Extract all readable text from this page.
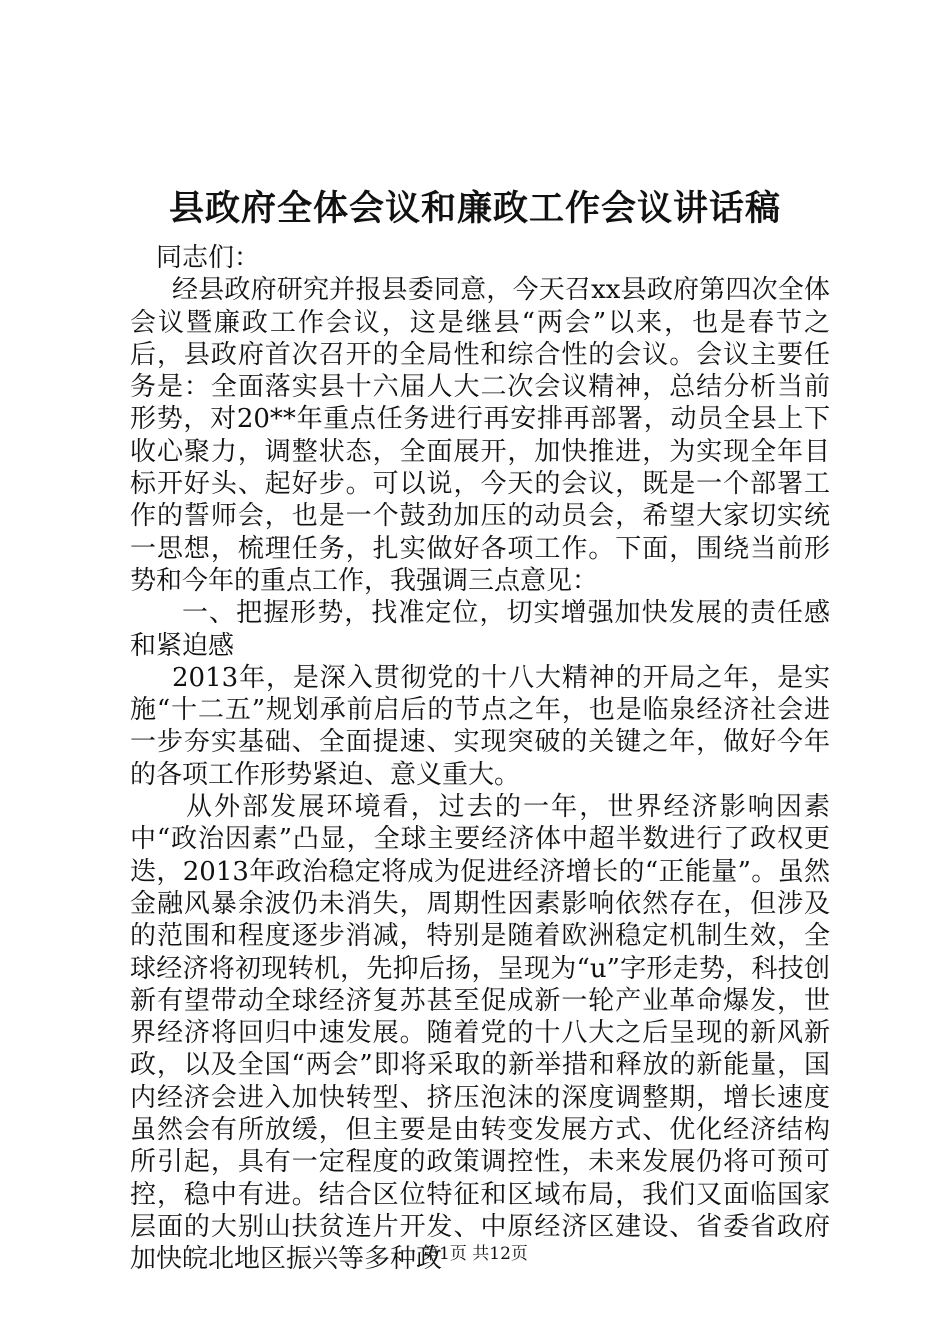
县政府全体会议和廉政工作会议讲话稿

同志们：

经县政府研究并报县委同意，今天召xx县政府第四次全体会议暨廉政工作会议，这是继县“两会”以来，也是春节之后，县政府首次召开的全局性和综合性的会议。会议主要任务是：全面落实县十六届人大二次会议精神，总结分析当前形势，对20**年重点任务进行再安排再部署，动员全县上下收心聚力，调整状态，全面展开，加快推进，为实现全年目标开好头、起好步。可以说，今天的会议，既是一个部署工作的誓师会，也是一个鼓劲加压的动员会，希望大家切实统一思想，梳理任务，扎实做好各项工作。下面，围绕当前形势和今年的重点工作，我强调三点意见：

一、把握形势，找准定位，切实增强加快发展的责任感和紧迫感

2013年，是深入贯彻党的十八大精神的开局之年，是实施“十二五”规划承前启后的节点之年，也是临泉经济社会进一步夯实基础、全面提速、实现突破的关键之年，做好今年的各项工作形势紧迫、意义重大。

从外部发展环境看，过去的一年，世界经济影响因素中“政治因素”凸显，全球主要经济体中超半数进行了政权更迭，2013年政治稳定将成为促进经济增长的“正能量”。虽然金融风暴余波仍未消失，周期性因素影响依然存在，但涉及的范围和程度逐步消减，特别是随着欧洲稳定机制生效，全球经济将初现转机，先抑后扬，呈现为“u”字形走势，科技创新有望带动全球经济复苏甚至促成新一轮产业革命爆发，世界经济将回归中速发展。随着党的十八大之后呈现的新风新政，以及全国“两会”即将采取的新举措和释放的新能量，国内经济会进入加快转型、挤压泡沫的深度调整期，增长速度虽然会有所放缓，但主要是由转变发展方式、优化经济结构所引起，具有一定程度的政策调控性，未来发展仍将可预可控，稳中有进。结合区位特征和区域布局，我们又面临国家层面的大别山扶贫连片开发、中原经济区建设、省委省政府加快皖北地区振兴等多种政

第1页 共12页
